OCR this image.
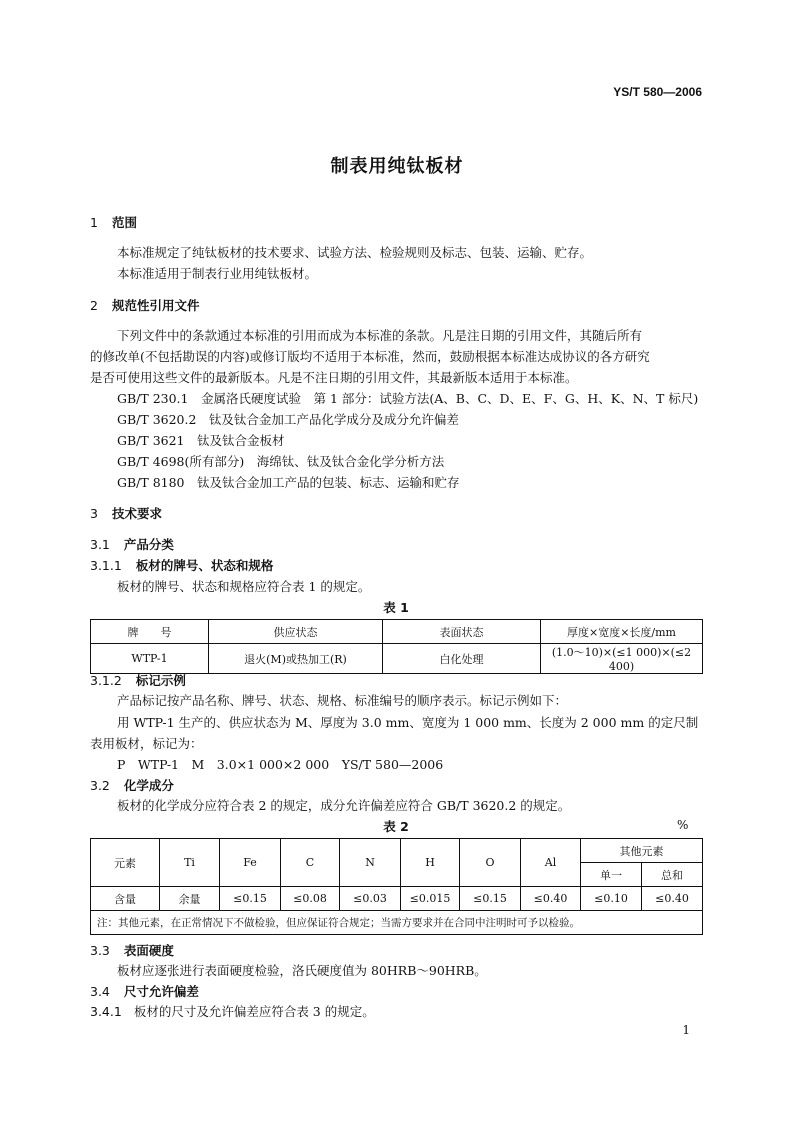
YS/T 580—2006
制表用纯钛板材
1 范围
本标准规定了纯钛板材的技术要求、试验方法、检验规则及标志、包装、运输、贮存。
本标准适用于制表行业用纯钛板材。
2 规范性引用文件
下列文件中的条款通过本标准的引用而成为本标准的条款。凡是注日期的引用文件，其随后所有
的修改单(不包括勘误的内容)或修订版均不适用于本标准，然而，鼓励根据本标准达成协议的各方研究
是否可使用这些文件的最新版本。凡是不注日期的引用文件，其最新版本适用于本标准。
GB/T 230.1　金属洛氏硬度试验　第 1 部分：试验方法(A、B、C、D、E、F、G、H、K、N、T 标尺)
GB/T 3620.2　钛及钛合金加工产品化学成分及成分允许偏差
GB/T 3621　钛及钛合金板材
GB/T 4698(所有部分)　海绵钛、钛及钛合金化学分析方法
GB/T 8180　钛及钛合金加工产品的包装、标志、运输和贮存
3 技术要求
3.1 产品分类
3.1.1 板材的牌号、状态和规格
板材的牌号、状态和规格应符合表 1 的规定。
表 1
牌　　号	供应状态	表面状态	厚度×宽度×长度/mm
WTP-1	退火(M)或热加工(R)	白化处理	(1.0～10)×(≤1 000)×(≤2 400)
3.1.2 标记示例
产品标记按产品名称、牌号、状态、规格、标准编号的顺序表示。标记示例如下：
用 WTP-1 生产的、供应状态为 M、厚度为 3.0 mm、宽度为 1 000 mm、长度为 2 000 mm 的定尺制
表用板材，标记为：
P　WTP-1　M　3.0×1 000×2 000　YS/T 580—2006
3.2 化学成分
板材的化学成分应符合表 2 的规定，成分允许偏差应符合 GB/T 3620.2 的规定。
表 2	%
元素	Ti	Fe	C	N	H	O	Al	其他元素	
								单一	总和
含量	余量	≤0.15	≤0.08	≤0.03	≤0.015	≤0.15	≤0.40	≤0.10	≤0.40
注：其他元素，在正常情况下不做检验，但应保证符合规定；当需方要求并在合同中注明时可予以检验。									
3.3 表面硬度
板材应逐张进行表面硬度检验，洛氏硬度值为 80HRB～90HRB。
3.4 尺寸允许偏差
3.4.1 板材的尺寸及允许偏差应符合表 3 的规定。
1
